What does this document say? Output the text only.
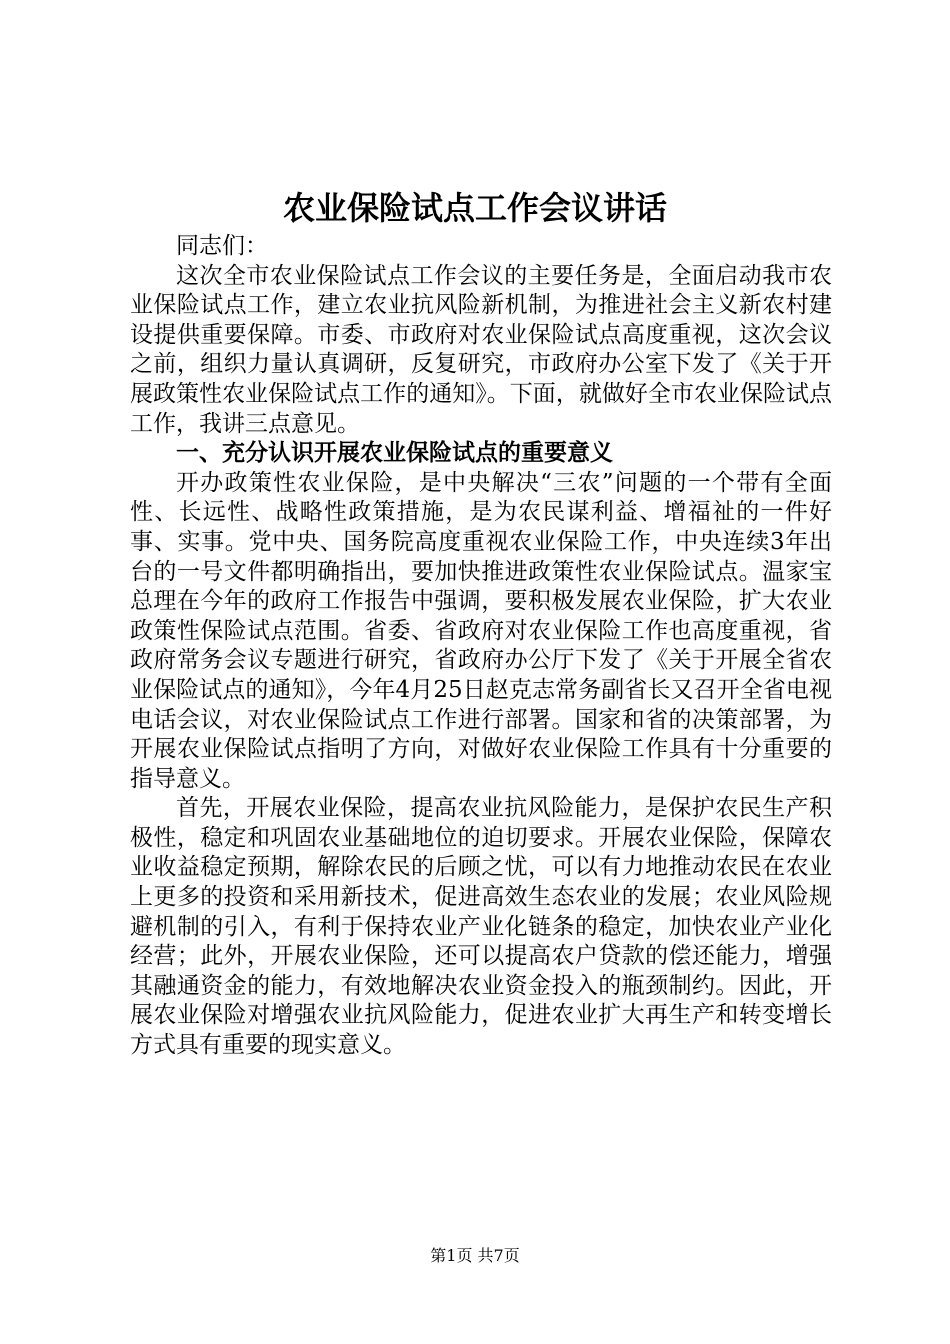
农业保险试点工作会议讲话

同志们：

这次全市农业保险试点工作会议的主要任务是，全面启动我市农业保险试点工作，建立农业抗风险新机制，为推进社会主义新农村建设提供重要保障。市委、市政府对农业保险试点高度重视，这次会议之前，组织力量认真调研，反复研究，市政府办公室下发了《关于开展政策性农业保险试点工作的通知》。下面，就做好全市农业保险试点工作，我讲三点意见。

一、充分认识开展农业保险试点的重要意义

开办政策性农业保险，是中央解决“三农”问题的一个带有全面性、长远性、战略性政策措施，是为农民谋利益、增福祉的一件好事、实事。党中央、国务院高度重视农业保险工作，中央连续3年出台的一号文件都明确指出，要加快推进政策性农业保险试点。温家宝总理在今年的政府工作报告中强调，要积极发展农业保险，扩大农业政策性保险试点范围。省委、省政府对农业保险工作也高度重视，省政府常务会议专题进行研究，省政府办公厅下发了《关于开展全省农业保险试点的通知》，今年4月25日赵克志常务副省长又召开全省电视电话会议，对农业保险试点工作进行部署。国家和省的决策部署，为开展农业保险试点指明了方向，对做好农业保险工作具有十分重要的指导意义。

首先，开展农业保险，提高农业抗风险能力，是保护农民生产积极性，稳定和巩固农业基础地位的迫切要求。开展农业保险，保障农业收益稳定预期，解除农民的后顾之忧，可以有力地推动农民在农业上更多的投资和采用新技术，促进高效生态农业的发展；农业风险规避机制的引入，有利于保持农业产业化链条的稳定，加快农业产业化经营；此外，开展农业保险，还可以提高农户贷款的偿还能力，增强其融通资金的能力，有效地解决农业资金投入的瓶颈制约。因此，开展农业保险对增强农业抗风险能力，促进农业扩大再生产和转变增长方式具有重要的现实意义。

第1页 共7页
